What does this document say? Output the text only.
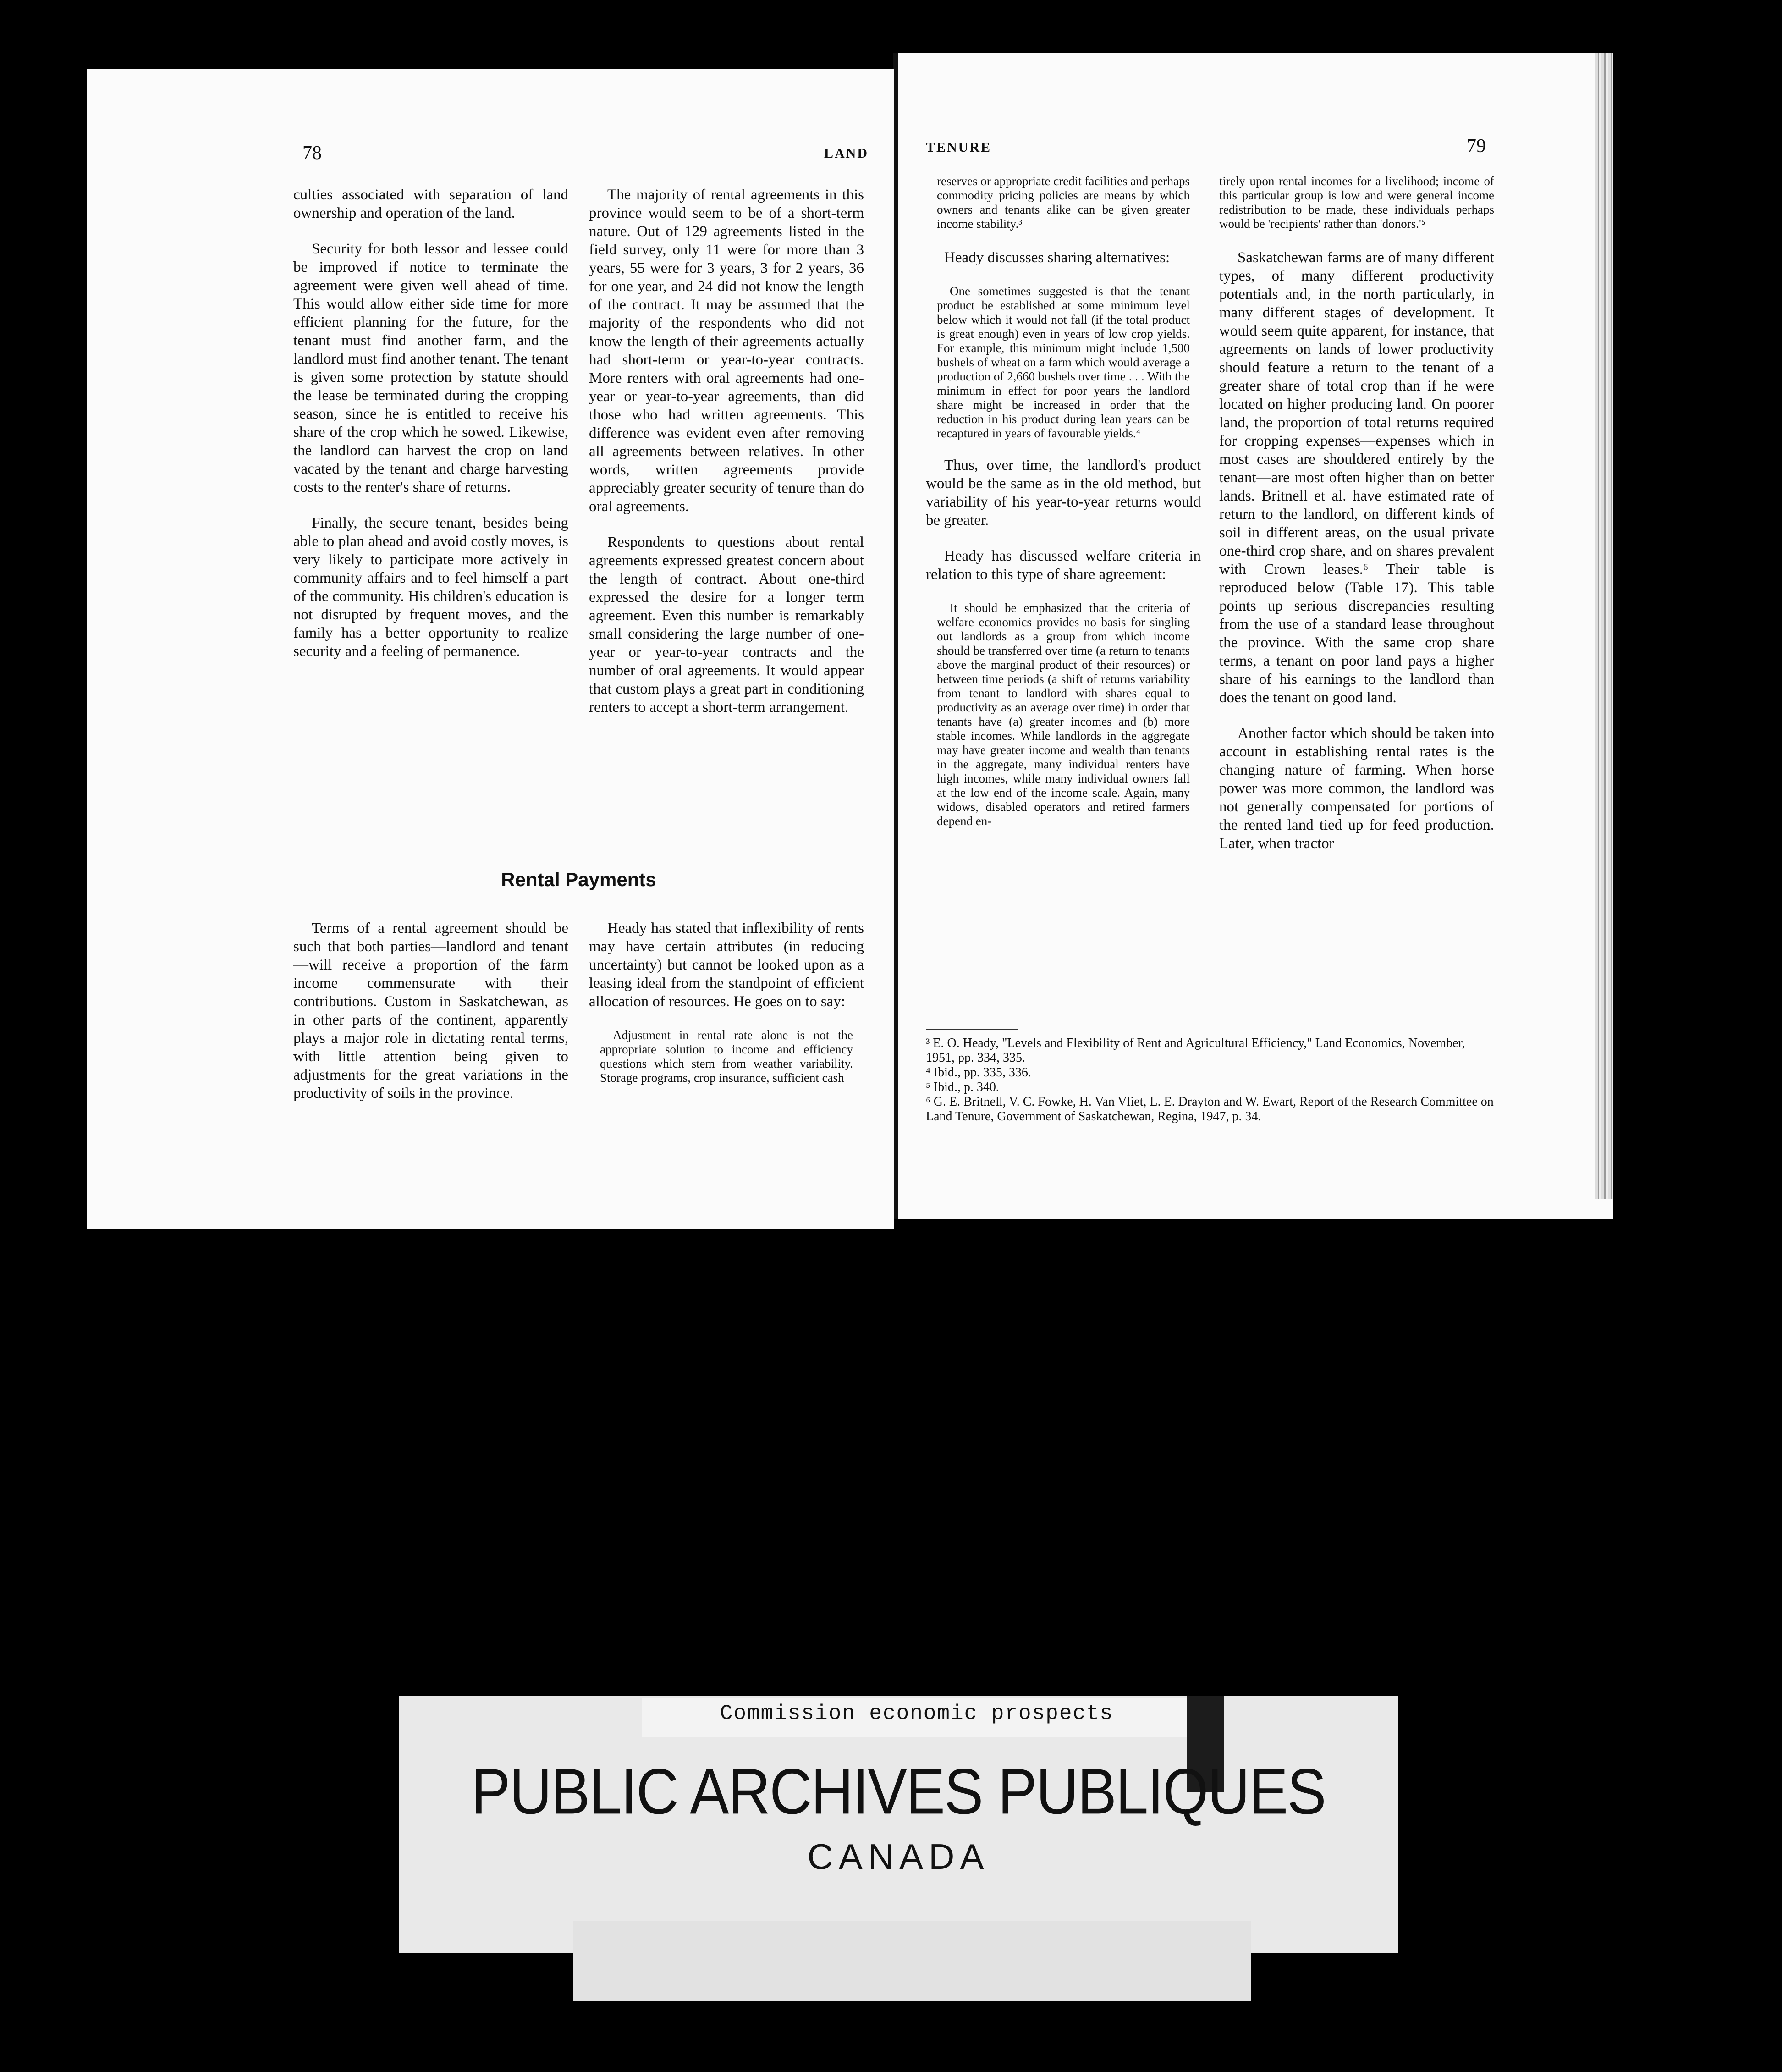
78	LAND

culties associated with separation of land ownership and operation of the land.

Security for both lessor and lessee could be improved if notice to terminate the agreement were given well ahead of time. This would allow either side time for more efficient planning for the future, for the tenant must find another farm, and the landlord must find another tenant. The tenant is given some protection by statute should the lease be terminated during the cropping season, since he is entitled to receive his share of the crop which he sowed. Likewise, the landlord can harvest the crop on land vacated by the tenant and charge harvesting costs to the renter's share of returns.

Finally, the secure tenant, besides being able to plan ahead and avoid costly moves, is very likely to participate more actively in community affairs and to feel himself a part of the community. His children's education is not disrupted by frequent moves, and the family has a better opportunity to realize security and a feeling of permanence.

The majority of rental agreements in this province would seem to be of a short-term nature. Out of 129 agreements listed in the field survey, only 11 were for more than 3 years, 55 were for 3 years, 3 for 2 years, 36 for one year, and 24 did not know the length of the contract. It may be assumed that the majority of the respondents who did not know the length of their agreements actually had short-term or year-to-year contracts. More renters with oral agreements had one-year or year-to-year agreements, than did those who had written agreements. This difference was evident even after removing all agreements between relatives. In other words, written agreements provide appreciably greater security of tenure than do oral agreements.

Respondents to questions about rental agreements expressed greatest concern about the length of contract. About one-third expressed the desire for a longer term agreement. Even this number is remarkably small considering the large number of one-year or year-to-year contracts and the number of oral agreements. It would appear that custom plays a great part in conditioning renters to accept a short-term arrangement.

Rental Payments

Terms of a rental agreement should be such that both parties—landlord and tenant—will receive a proportion of the farm income commensurate with their contributions. Custom in Saskatchewan, as in other parts of the continent, apparently plays a major role in dictating rental terms, with little attention being given to adjustments for the great variations in the productivity of soils in the province.

Heady has stated that inflexibility of rents may have certain attributes (in reducing uncertainty) but cannot be looked upon as a leasing ideal from the standpoint of efficient allocation of resources. He goes on to say:

Adjustment in rental rate alone is not the appropriate solution to income and efficiency questions which stem from weather variability. Storage programs, crop insurance, sufficient cash
TENURE	79
reserves or appropriate credit facilities and perhaps commodity pricing policies are means by which owners and tenants alike can be given greater income stability.³

Heady discusses sharing alternatives:

One sometimes suggested is that the tenant product be established at some minimum level below which it would not fall (if the total product is great enough) even in years of low crop yields. For example, this minimum might include 1,500 bushels of wheat on a farm which would average a production of 2,660 bushels over time . . . With the minimum in effect for poor years the landlord share might be increased in order that the reduction in his product during lean years can be recaptured in years of favourable yields.⁴

Thus, over time, the landlord's product would be the same as in the old method, but variability of his year-to-year returns would be greater.

Heady has discussed welfare criteria in relation to this type of share agreement:

It should be emphasized that the criteria of welfare economics provides no basis for singling out landlords as a group from which income should be transferred over time (a return to tenants above the marginal product of their resources) or between time periods (a shift of returns variability from tenant to landlord with shares equal to productivity as an average over time) in order that tenants have (a) greater incomes and (b) more stable incomes. While landlords in the aggregate may have greater income and wealth than tenants in the aggregate, many individual renters have high incomes, while many individual owners fall at the low end of the income scale. Again, many widows, disabled operators and retired farmers depend en-
tirely upon rental incomes for a livelihood; income of this particular group is low and were general income redistribution to be made, these individuals perhaps would be 'recipients' rather than 'donors.'⁵

Saskatchewan farms are of many different types, of many different productivity potentials and, in the north particularly, in many different stages of development. It would seem quite apparent, for instance, that agreements on lands of lower productivity should feature a return to the tenant of a greater share of total crop than if he were located on higher producing land. On poorer land, the proportion of total returns required for cropping expenses—expenses which in most cases are shouldered entirely by the tenant—are most often higher than on better lands. Britnell et al. have estimated rate of return to the landlord, on different kinds of soil in different areas, on the usual private one-third crop share, and on shares prevalent with Crown leases.⁶ Their table is reproduced below (Table 17). This table points up serious discrepancies resulting from the use of a standard lease throughout the province. With the same crop share terms, a tenant on poor land pays a higher share of his earnings to the landlord than does the tenant on good land.

Another factor which should be taken into account in establishing rental rates is the changing nature of farming. When horse power was more common, the landlord was not generally compensated for portions of the rented land tied up for feed production. Later, when tractor

³ E. O. Heady, "Levels and Flexibility of Rent and Agricultural Efficiency," Land Economics, November, 1951, pp. 334, 335.
⁴ Ibid., pp. 335, 336.
⁵ Ibid., p. 340.
⁶ G. E. Britnell, V. C. Fowke, H. Van Vliet, L. E. Drayton and W. Ewart, Report of the Research Committee on Land Tenure, Government of Saskatchewan, Regina, 1947, p. 34.
Commission economic prospects
PUBLIC ARCHIVES PUBLIQUES
CANADA
